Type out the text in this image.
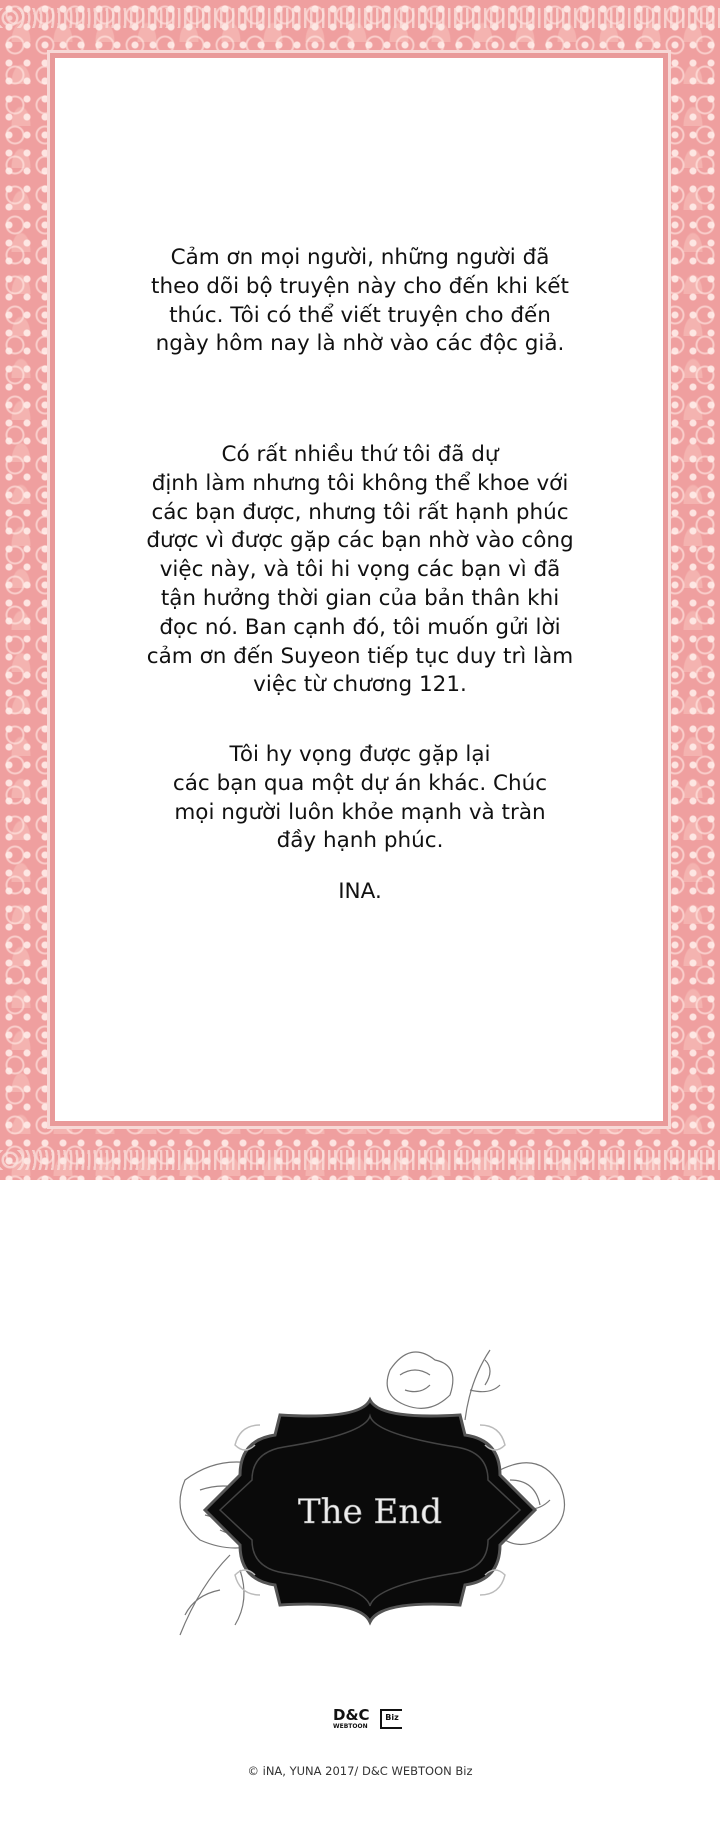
Cảm ơn mọi người, những người đã
theo dõi bộ truyện này cho đến khi kết
thúc. Tôi có thể viết truyện cho đến
ngày hôm nay là nhờ vào các độc giả.
Có rất nhiều thứ tôi đã dự
định làm nhưng tôi không thể khoe với
các bạn được, nhưng tôi rất hạnh phúc
được vì được gặp các bạn nhờ vào công
việc này, và tôi hi vọng các bạn vì đã
tận hưởng thời gian của bản thân khi
đọc nó. Ban cạnh đó, tôi muốn gửi lời
cảm ơn đến Suyeon tiếp tục duy trì làm
việc từ chương 121.
Tôi hy vọng được gặp lại
các bạn qua một dự án khác. Chúc
mọi người luôn khỏe mạnh và tràn
đầy hạnh phúc.
INA.
The End
D&C
WEBTOON
Biz
© iNA, YUNA 2017/ D&C WEBTOON Biz
